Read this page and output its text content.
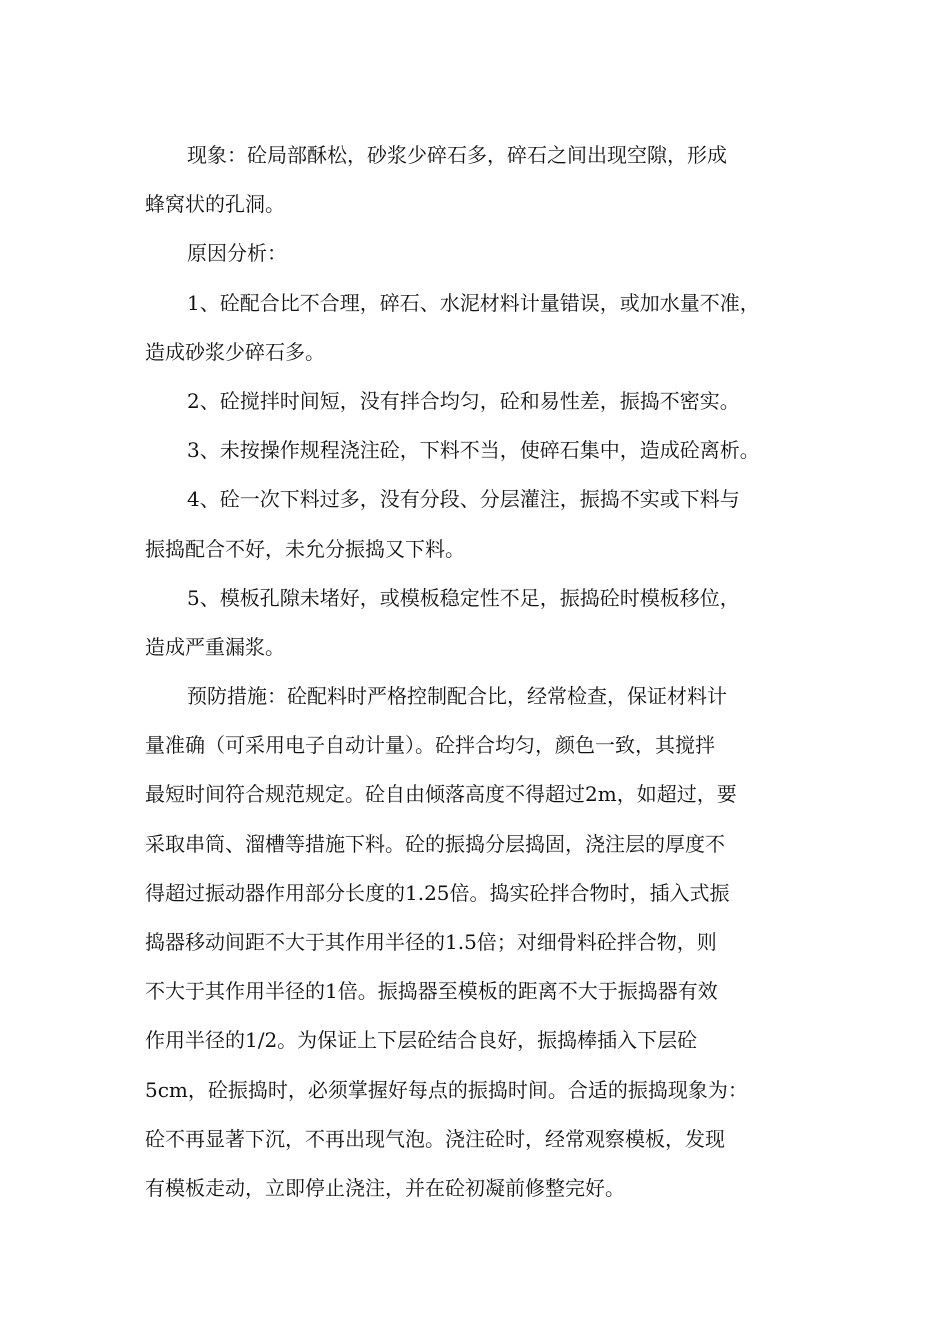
现象：砼局部酥松，砂浆少碎石多，碎石之间出现空隙，形成
蜂窝状的孔洞。
原因分析：
1、砼配合比不合理，碎石、水泥材料计量错误，或加水量不准，
造成砂浆少碎石多。
2、砼搅拌时间短，没有拌合均匀，砼和易性差，振捣不密实。
3、未按操作规程浇注砼，下料不当，使碎石集中，造成砼离析。
4、砼一次下料过多，没有分段、分层灌注，振捣不实或下料与
振捣配合不好，未允分振捣又下料。
5、模板孔隙未堵好，或模板稳定性不足，振捣砼时模板移位，
造成严重漏浆。
预防措施：砼配料时严格控制配合比，经常检查，保证材料计
量准确（可采用电子自动计量）。砼拌合均匀，颜色一致，其搅拌
最短时间符合规范规定。砼自由倾落高度不得超过2m，如超过，要
采取串筒、溜槽等措施下料。砼的振捣分层捣固，浇注层的厚度不
得超过振动器作用部分长度的1.25倍。捣实砼拌合物时，插入式振
捣器移动间距不大于其作用半径的1.5倍；对细骨料砼拌合物，则
不大于其作用半径的1倍。振捣器至模板的距离不大于振捣器有效
作用半径的1/2。为保证上下层砼结合良好，振捣棒插入下层砼
5cm，砼振捣时，必须掌握好每点的振捣时间。合适的振捣现象为：
砼不再显著下沉，不再出现气泡。浇注砼时，经常观察模板，发现
有模板走动，立即停止浇注，并在砼初凝前修整完好。
